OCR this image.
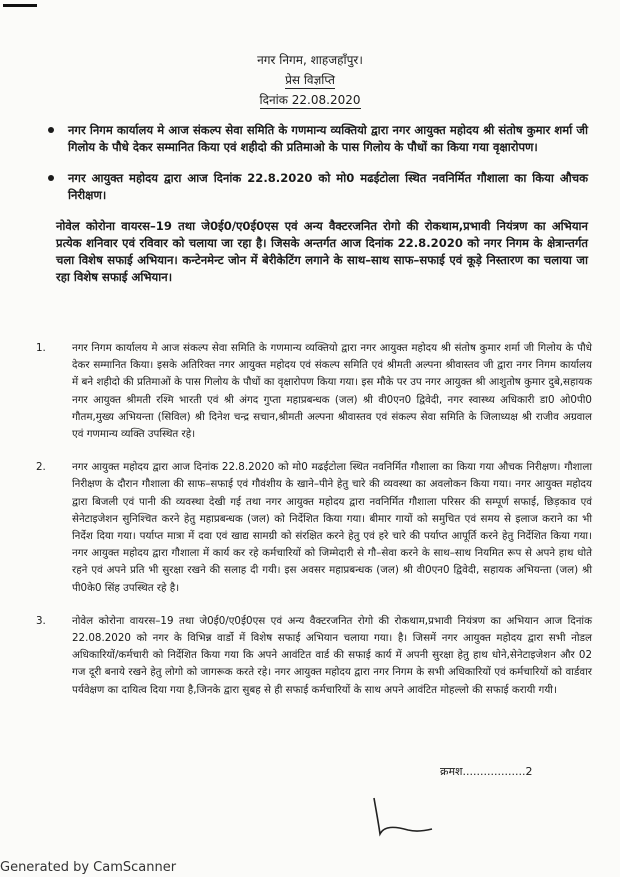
नगर निगम, शाहजहाँपुर।
प्रेस विज्ञप्ति
दिनांक 22.08.2020
नगर निगम कार्यालय मे आज संकल्प सेवा समिति के गणमान्य व्यक्तियो द्वारा नगर आयुक्त महोदय श्री संतोष कुमार शर्मा जी गिलोय के पौधे देकर सम्मानित किया एवं शहीदो की प्रतिमाओ के पास गिलोय के पौधों का किया गया वृक्षारोपण।
नगर आयुक्त महोदय द्वारा आज दिनांक 22.8.2020 को मो0 मढईटोला स्थित नवनिर्मित गौशाला का किया औचक निरीक्षण।
नोवेल कोरोना वायरस–19 तथा जे0ई0/ए0ई0एस एवं अन्य वैक्टरजनित रोगो की रोकथाम,प्रभावी नियंत्रण का अभियान प्रत्येक शनिवार एवं रविवार को चलाया जा रहा है। जिसके अन्तर्गत आज दिनांक 22.8.2020 को नगर निगम के क्षेत्रान्तर्गत चला विशेष सफाई अभियान। कन्टेनमेन्ट जोन में बेरीकेटिंग लगाने के साथ–साथ साफ–सफाई एवं कूड़े निस्तारण का चलाया जा रहा विशेष सफाई अभियान।
1.	नगर निगम कार्यालय मे आज संकल्प सेवा समिति के गणमान्य व्यक्तियो द्वारा नगर आयुक्त महोदय श्री संतोष कुमार शर्मा जी गिलोय के पौधे देकर सम्मानित किया। इसके अतिरिक्त नगर आयुक्त महोदय एवं संकल्प समिति एवं श्रीमती अल्पना श्रीवास्तव जी द्वारा नगर निगम कार्यालय में बने शहीदो की प्रतिमाओं के पास गिलोय के पौधों का वृक्षारोपण किया गया। इस मौके पर उप नगर आयुक्त श्री आशुतोष कुमार दुबे,सहायक नगर आयुक्त श्रीमती रश्मि भारती एवं श्री अंगद गुप्ता महाप्रबन्धक (जल) श्री वी0एन0 द्विवेदी, नगर स्वास्थ्य अधिकारी डा0 ओ0पी0 गौतम,मुख्य अभियन्ता (सिविल) श्री दिनेश चन्द्र सचान,श्रीमती अल्पना श्रीवास्तव एवं संकल्प सेवा समिति के जिलाध्यक्ष श्री राजीव अग्रवाल एवं गणमान्य व्यक्ति उपस्थित रहे।
2.	नगर आयुक्त महोदय द्वारा आज दिनांक 22.8.2020 को मो0 मढईटोला स्थित नवनिर्मित गौशाला का किया गया औचक निरीक्षण। गौशाला निरीक्षण के दौरान गौशाला की साफ–सफाई एवं गौवंशीय के खाने–पीने हेतु चारे की व्यवस्था का अवलोकन किया गया। नगर आयुक्त महोदय द्वारा बिजली एवं पानी की व्यवस्था देखी गई तथा नगर आयुक्त महोदय द्वारा नवनिर्मित गौशाला परिसर की सम्पूर्ण सफाई, छिड़काव एवं सेनेटाइजेशन सुनिश्चित करने हेतु महाप्रबन्धक (जल) को निर्देशित किया गया। बीमार गायों को समुचित एवं समय से इलाज कराने का भी निर्देश दिया गया। पर्याप्त मात्रा में दवा एवं खाद्य सामग्री को संरक्षित करने हेतु एवं हरे चारे की पर्याप्त आपूर्ति करने हेतु निर्देशित किया गया। नगर आयुक्त महोदय द्वारा गौशाला में कार्य कर रहे कर्मचारियों को जिम्मेदारी से गौ–सेवा करने के साथ–साथ नियमित रूप से अपने हाथ धोते रहने एवं अपने प्रति भी सुरक्षा रखने की सलाह दी गयी। इस अवसर महाप्रबन्धक (जल) श्री वी0एन0 द्विवेदी, सहायक अभियन्ता (जल) श्री पी0के0 सिंह उपस्थित रहे है।
3.	नोवेल कोरोना वायरस–19 तथा जे0ई0/ए0ई0एस एवं अन्य वैक्टरजनित रोगो की रोकथाम,प्रभावी नियंत्रण का अभियान आज दिनांक 22.08.2020 को नगर के विभिन्न वार्डो में विशेष सफाई अभियान चलाया गया। है। जिसमें नगर आयुक्त महोदय द्वारा सभी नोडल अधिकारियों/कर्मचारी को निर्देशित किया गया कि अपने आवंटित वार्ड की सफाई कार्य में अपनी सुरक्षा हेतु हाथ धोने,सेनेटाइजेशन और 02 गज दूरी बनाये रखने हेतु लोगो को जागरूक करते रहे। नगर आयुक्त महोदय द्वारा नगर निगम के सभी अधिकारियों एवं कर्मचारियों को वार्डवार पर्यवेक्षण का दायित्व दिया गया है,जिनके द्वारा सुबह से ही सफाई कर्मचारियों के साथ अपने आवंटित मोहल्लो की सफाई करायी गयी।
क्रमश..................2
Generated by CamScanner
